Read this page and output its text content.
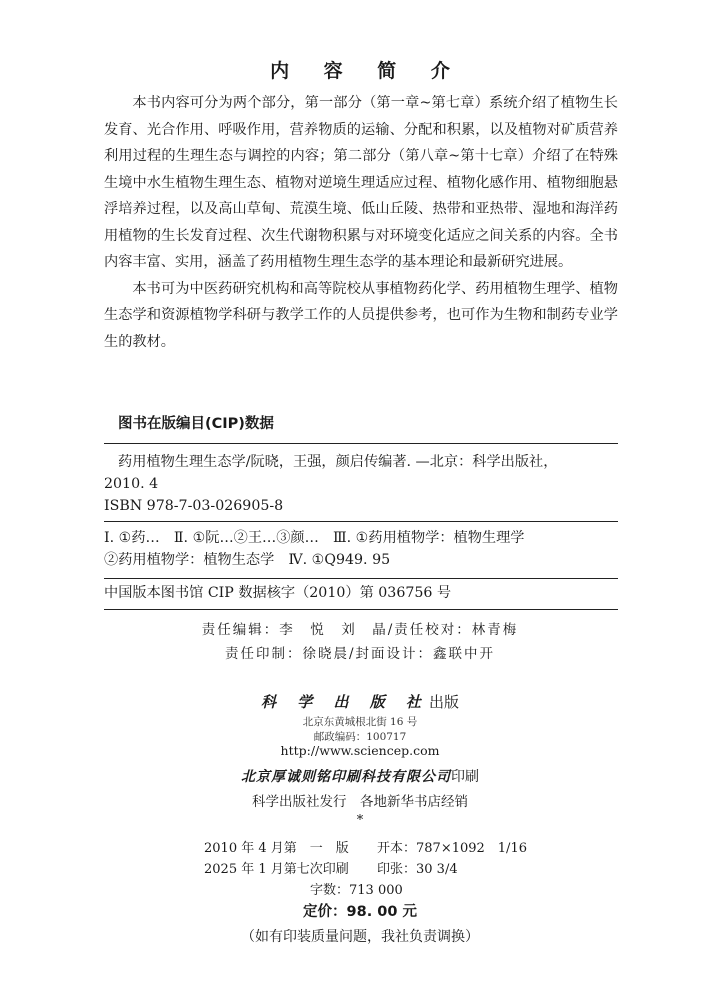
内 容 简 介

本书内容可分为两个部分，第一部分（第一章~第七章）系统介绍了植物生长发育、光合作用、呼吸作用，营养物质的运输、分配和积累，以及植物对矿质营养利用过程的生理生态与调控的内容；第二部分（第八章~第十七章）介绍了在特殊生境中水生植物生理生态、植物对逆境生理适应过程、植物化感作用、植物细胞悬浮培养过程，以及高山草甸、荒漠生境、低山丘陵、热带和亚热带、湿地和海洋药用植物的生长发育过程、次生代谢物积累与对环境变化适应之间关系的内容。全书内容丰富、实用，涵盖了药用植物生理生态学的基本理论和最新研究进展。

本书可为中医药研究机构和高等院校从事植物药化学、药用植物生理学、植物生态学和资源植物学科研与教学工作的人员提供参考，也可作为生物和制药专业学生的教材。

图书在版编目(CIP)数据
药用植物生理生态学/阮晓，王强，颜启传编著. —北京：科学出版社，
2010. 4
ISBN 978-7-03-026905-8
Ⅰ. ①药…　Ⅱ. ①阮…②王…③颜…　Ⅲ. ①药用植物学：植物生理学
②药用植物学：植物生态学　Ⅳ. ①Q949. 95
中国版本图书馆 CIP 数据核字（2010）第 036756 号
责任编辑：李　悦　刘　晶/责任校对：林青梅
责任印制：徐晓晨/封面设计：鑫联中开
科 学 出 版 社出版
北京东黄城根北街 16 号
邮政编码：100717
http://www.sciencep.com
北京厚诚则铭印刷科技有限公司印刷
科学出版社发行　各地新华书店经销
*
2010 年 4 月第　一　版 开本：787×1092　1/16
2025 年 1 月第七次印刷 印张：30 3/4
字数：713 000
定价：98. 00 元
（如有印装质量问题，我社负责调换）
